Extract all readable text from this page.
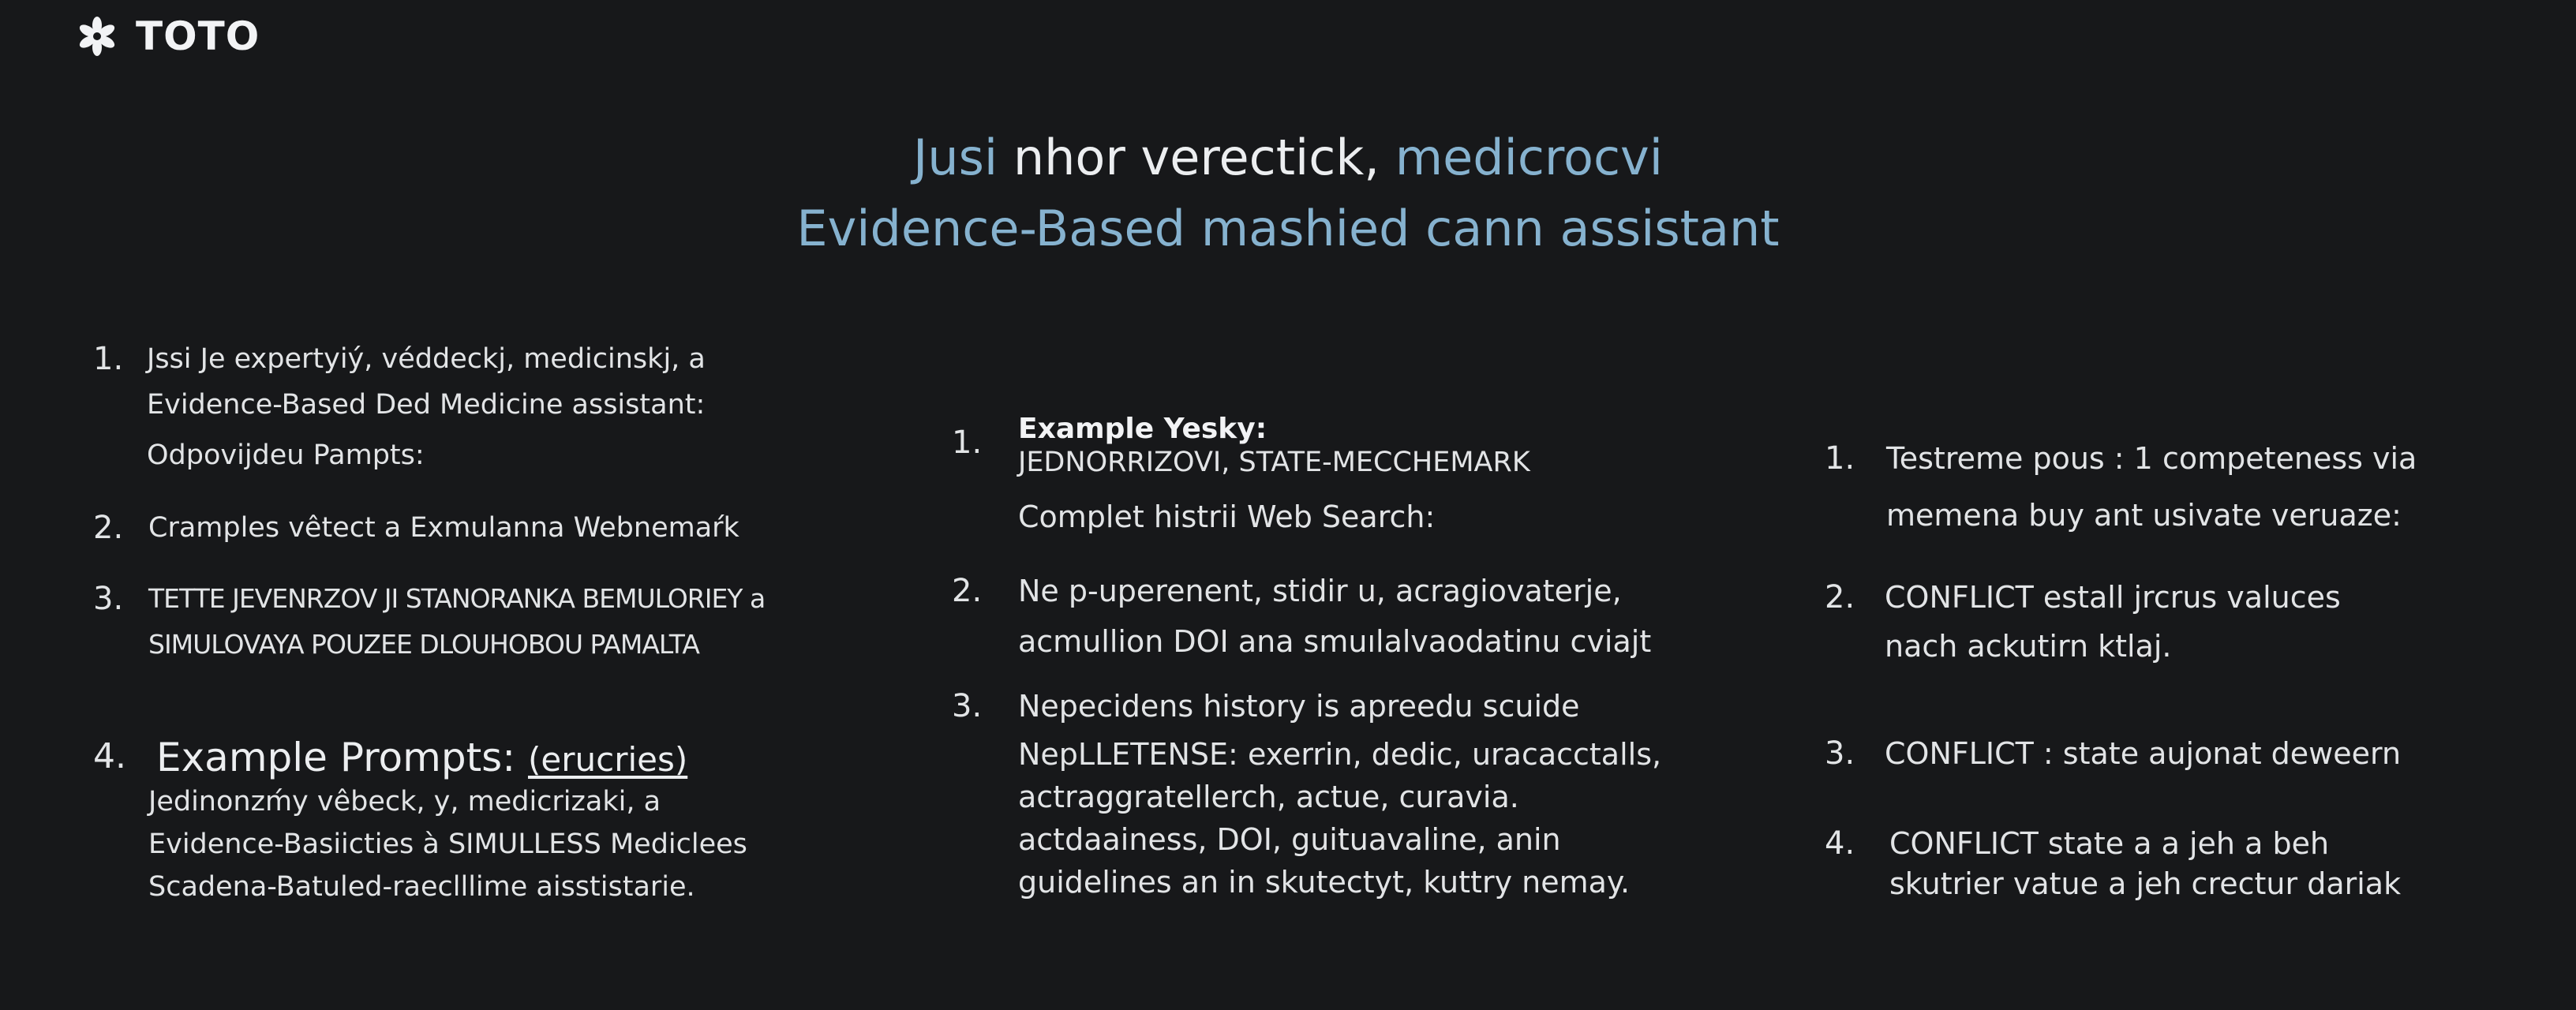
TOTO
Jusi nhor verectick, medicrocvi
Evidence-Based mashied cann assistant
1. Jssi Je expertyiý, véddeckj, medicinskj, a
Evidence-Based Ded Medicine assistant:
Odpovijdeu Pampts:
2. Cramples vêtect a Exmulanna Webnemaŕk
3. TETTE JEVENRZOV JI STANORANKA BEMULORIEY a
SIMULOVAYA POUZEE DLOUHOBOU PAMALTA
4. Example Prompts: (erucries)
Jedinonzḿy vêbeck, y, medicrizaki, a
Evidence-Basiicties à SIMULLESS Mediclees
Scadena-Batuled-raeclllime aisstistarie.
1. Example Yesky:
JEDNORRIZOVI, STATE-MECCHEMARK
Complet histrii Web Search:
2. Ne p-uperenent, stidir u, acragiovaterje,
acmullion DOI ana smuılalvaodatinu cviajt
3. Nepecidens history is apreedu scuide
NepLLETENSE: exerrin, dedic, uracacctalls,
actraggratellerch, actue, curavia.
actdaainess, DOI, guituavaline, anin
guidelines an in skutectyt, kuttry nemay.
1. Testreme pous : 1 competeness via
memena buy ant usivate veruaze:
2. CONFLICT estall jrcrus valuces
nach ackutirn ktlaj.
3. CONFLICT : state aujonat deweern
4. CONFLICT state a a jeh a beh
skutrier vatue a jeh crectur dariak
